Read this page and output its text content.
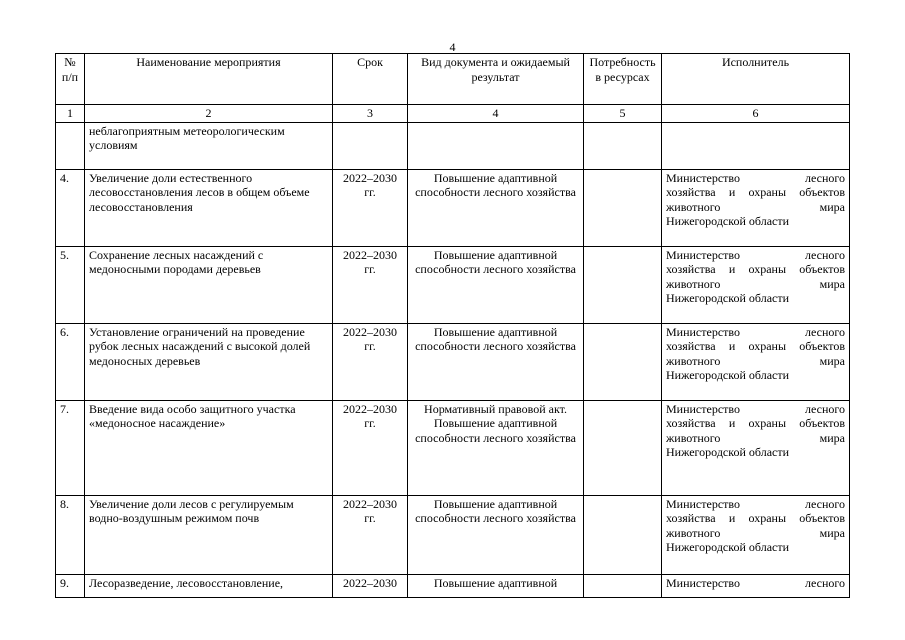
4
№ п/п	Наименование мероприятия	Срок	Вид документа и ожидаемый результат	Потребность в ресурсах	Исполнитель
1	2	3	4	5	6
	неблагоприятным метеорологическим условиям				
4.	Увеличение доли естественного лесовосстановления лесов в общем объеме лесовосстановления	2022–2030 гг.	Повышение адаптивной способности лесного хозяйства		Министерство лесного
хозяйства и охраны объектов
животного мира
Нижегородской области

5.	Сохранение лесных насаждений с медоносными породами деревьев	2022–2030 гг.	Повышение адаптивной способности лесного хозяйства		Министерство лесного
хозяйства и охраны объектов
животного мира
Нижегородской области

6.	Установление ограничений на проведение рубок лесных насаждений с высокой долей медоносных деревьев	2022–2030 гг.	Повышение адаптивной способности лесного хозяйства		Министерство лесного
хозяйства и охраны объектов
животного мира
Нижегородской области

7.	Введение вида особо защитного участка «медоносное насаждение»	2022–2030 гг.	Нормативный правовой акт. Повышение адаптивной способности лесного хозяйства		Министерство лесного
хозяйства и охраны объектов
животного мира
Нижегородской области

8.	Увеличение доли лесов с регулируемым водно-воздушным режимом почв	2022–2030 гг.	Повышение адаптивной способности лесного хозяйства		Министерство лесного
хозяйства и охраны объектов
животного мира
Нижегородской области

9.	Лесоразведение, лесовосстановление,	2022–2030	Повышение адаптивной		Министерство лесного
